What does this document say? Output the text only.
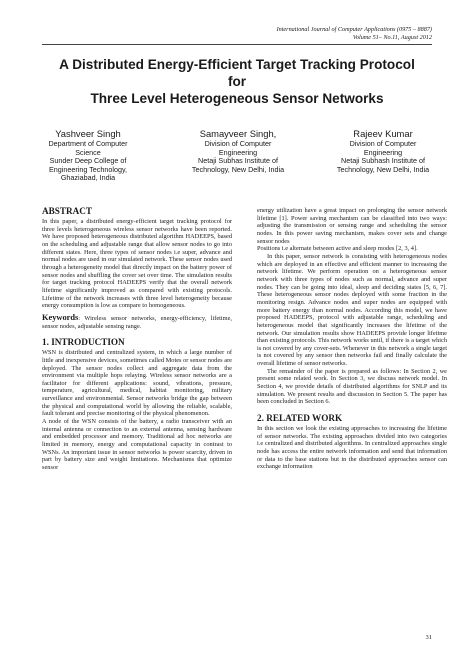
International Journal of Computer Applications (0975 – 8887)
Volume 51– No.11, August 2012
A Distributed Energy-Efficient Target Tracking Protocol
for
Three Level Heterogeneous Sensor Networks
Yashveer Singh
Department of Computer
Science
Sunder Deep College of
Engineering Technology,
Ghaziabad, India
Samayveer Singh,
Division of Computer
Engineering
Netaji Subhas Institute of
Technology, New Delhi, India
Rajeev Kumar
Division of Computer
Engineering
Netaji Subhash Institute of
Technology, New Delhi, India
ABSTRACT

In this paper, a distributed energy-efficient target tracking protocol for three levels heterogeneous wireless sensor networks have been reported. We have proposed heterogeneous distributed algorithm HADEEPS, based on the scheduling and adjustable range that allow sensor nodes to go into different states. Here, three types of sensor nodes i.e super, advance and normal nodes are used in our simulated network. These sensor nodes used through a heterogeneity model that directly impact on the battery power of sensor nodes and shuffling the cover set over time. The simulation results for target tracking protocol HADEEPS verify that the overall network lifetime significantly improved as compared with existing protocols. Lifetime of the network increases with three level heterogeneity because energy consumption is low as compare to homogeneous.

Keywords: Wireless sensor networks, energy-efficiency, lifetime, sensor nodes, adjustable sensing range.

1. INTRODUCTION

WSN is distributed and centralized system, in which a large number of little and inexpensive devices, sometimes called Motes or sensor nodes are deployed. The sensor nodes collect and aggregate data from the environment via multiple hops relaying. Wireless sensor networks are a facilitator for different applications: sound, vibrations, pressure, temperature, agricultural, medical, habitat monitoring, military surveillance and environmental. Sensor networks bridge the gap between the physical and computational world by allowing the reliable, scalable, fault tolerant and precise monitoring of the physical phenomenon.

A node of the WSN consists of the battery, a radio transceiver with an internal antenna or connection to an external antenna, sensing hardware and embedded processor and memory. Traditional ad hoc networks are limited in memory, energy and computational capacity in contrast to WSNs. An important issue in sensor networks is power scarcity, driven in part by battery size and weight limitations. Mechanisms that optimize sensor

energy utilization have a great impact on prolonging the sensor network lifetime [1]. Power saving mechanism can be classified into two ways: adjusting the transmission or sensing range and scheduling the sensor nodes. In this power saving mechanism, makes cover sets and change sensor nodes

Positions i.e alternate between active and sleep modes [2, 3, 4].

In this paper, sensor network is consisting with heterogeneous nodes which are deployed in an effective and efficient manner to increasing the network lifetime. We perform operation on a heterogeneous sensor network with three types of nodes such as normal, advance and super nodes. They can be going into ideal, sleep and deciding states [5, 6, 7]. These heterogeneous sensor nodes deployed with some fraction in the monitoring resign. Advance nodes and super nodes are equipped with more battery energy than normal nodes. According this model, we have proposed HADEEPS, protocol with adjustable range, scheduling and heterogeneous model that significantly increases the lifetime of the network. Our simulation results show HADEEPS provide longer lifetime than existing protocols. This network works until, if there is a target which is not covered by any cover-sets. Whenever in this network a single target is not covered by any sensor then networks fail and finally calculate the overall lifetime of sensor networks.

The remainder of the paper is prepared as follows: In Section 2, we present some related work. In Section 3, we discuss network model. In Section 4, we provide details of distributed algorithms for SNLP and its simulation. We present results and discussion in Section 5. The paper has been concluded in Section 6.

2. RELATED WORK

In this section we look the existing approaches to increasing the lifetime of sensor networks. The existing approaches divided into two categories i.e centralized and distributed algorithms. In centralized approaches single node has access the entire network information and send that information or data to the base stations but in the distributed approaches sensor can exchange information

31
